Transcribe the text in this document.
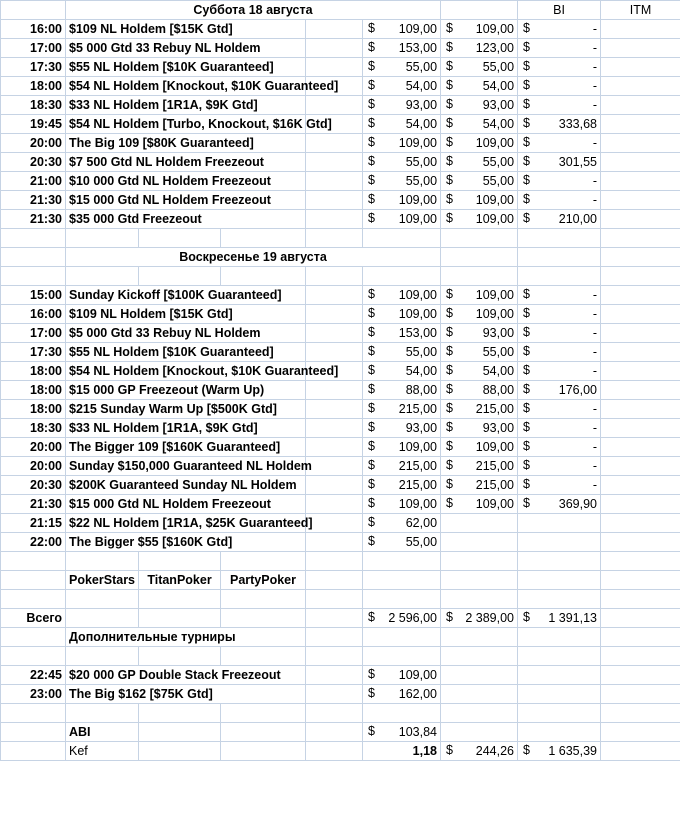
	Суббота 18 августа						BI	ITM
16:00	$109 NL Holdem [$15K Gtd]				$ 109,00	$ 109,00	$ -	
17:00	$5 000 Gtd 33 Rebuy NL Holdem				$ 153,00	$ 123,00	$ -	
17:30	$55 NL Holdem [$10K Guaranteed]				$ 55,00	$ 55,00	$ -	
18:00	$54 NL Holdem [Knockout, $10K Guaranteed]				$ 54,00	$ 54,00	$ -	
18:30	$33 NL Holdem [1R1A, $9K Gtd]				$ 93,00	$ 93,00	$ -	
19:45	$54 NL Holdem [Turbo, Knockout, $16K Gtd]				$ 54,00	$ 54,00	$ 333,68	
20:00	The Big 109 [$80K Guaranteed]				$ 109,00	$ 109,00	$ -	
20:30	$7 500 Gtd NL Holdem Freezeout				$ 55,00	$ 55,00	$ 301,55	
21:00	$10 000 Gtd NL Holdem Freezeout				$ 55,00	$ 55,00	$ -	
21:30	$15 000 Gtd NL Holdem Freezeout				$ 109,00	$ 109,00	$ -	
21:30	$35 000 Gtd Freezeout				$ 109,00	$ 109,00	$ 210,00	

	Воскресенье 19 августа							

15:00	Sunday Kickoff [$100K Guaranteed]				$ 109,00	$ 109,00	$ -	
16:00	$109 NL Holdem [$15K Gtd]				$ 109,00	$ 109,00	$ -	
17:00	$5 000 Gtd 33 Rebuy NL Holdem				$ 153,00	$ 93,00	$ -	
17:30	$55 NL Holdem [$10K Guaranteed]				$ 55,00	$ 55,00	$ -	
18:00	$54 NL Holdem [Knockout, $10K Guaranteed]				$ 54,00	$ 54,00	$ -	
18:00	$15 000 GP Freezeout (Warm Up)				$ 88,00	$ 88,00	$ 176,00	
18:00	$215 Sunday Warm Up [$500K Gtd]				$ 215,00	$ 215,00	$ -	
18:30	$33 NL Holdem [1R1A, $9K Gtd]				$ 93,00	$ 93,00	$ -	
20:00	The Bigger 109 [$160K Guaranteed]				$ 109,00	$ 109,00	$ -	
20:00	Sunday $150,000 Guaranteed NL Holdem				$ 215,00	$ 215,00	$ -	
20:30	$200K Guaranteed Sunday NL Holdem				$ 215,00	$ 215,00	$ -	
21:30	$15 000 Gtd NL Holdem Freezeout				$ 109,00	$ 109,00	$ 369,90	
21:15	$22 NL Holdem [1R1A, $25K Guaranteed]				$ 62,00			
22:00	The Bigger $55 [$160K Gtd]				$ 55,00			

	PokerStars	TitanPoker	PartyPoker					

Всего					$ 2 596,00	$ 2 389,00	$ 1 391,13	
	Дополнительные турниры							

22:45	$20 000 GP Double Stack Freezeout				$ 109,00			
23:00	The Big $162 [$75K Gtd]				$ 162,00			

	ABI				$ 103,84			
	Kef				1,18	$ 244,26	$ 1 635,39	
